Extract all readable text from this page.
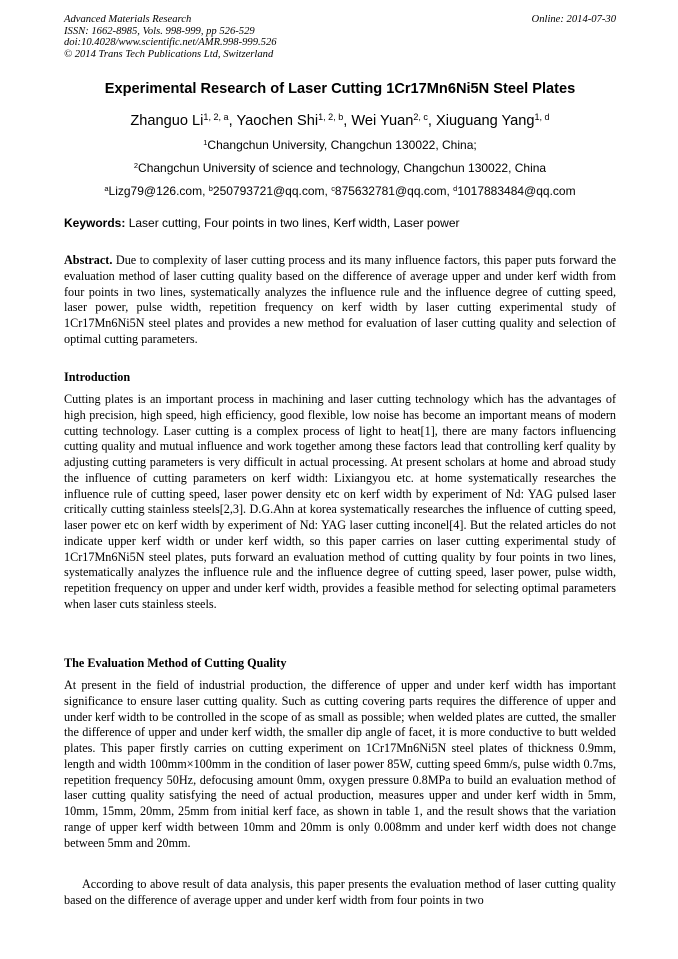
Advanced Materials Research
ISSN: 1662-8985, Vols. 998-999, pp 526-529
doi:10.4028/www.scientific.net/AMR.998-999.526
© 2014 Trans Tech Publications Ltd, Switzerland
Online: 2014-07-30
Experimental Research of Laser Cutting 1Cr17Mn6Ni5N Steel Plates
Zhanguo Li$^{1, 2, a}$, Yaochen Shi$^{1, 2, b}$, Wei Yuan$^{2, c}$, Xiuguang Yang$^{1, d}$
$^1$Changchun University, Changchun 130022, China;
$^2$Changchun University of science and technology, Changchun 130022, China
$^a$Lizg79@126.com, $^b$250793721@qq.com, $^c$875632781@qq.com, $^d$1017883484@qq.com
Keywords: Laser cutting, Four points in two lines, Kerf width, Laser power
Abstract. Due to complexity of laser cutting process and its many influence factors, this paper puts forward the evaluation method of laser cutting quality based on the difference of average upper and under kerf width from four points in two lines, systematically analyzes the influence rule and the influence degree of cutting speed, laser power, pulse width, repetition frequency on kerf width by laser cutting experimental study of 1Cr17Mn6Ni5N steel plates and provides a new method for evaluation of laser cutting quality and selection of optimal cutting parameters.
Introduction
Cutting plates is an important process in machining and laser cutting technology which has the advantages of high precision, high speed, high efficiency, good flexible, low noise has become an important means of modern cutting technology. Laser cutting is a complex process of light to heat[1], there are many factors influencing cutting quality and mutual influence and work together among these factors lead that controlling kerf quality by adjusting cutting parameters is very difficult in actual processing. At present scholars at home and abroad study the influence of cutting parameters on kerf width: Lixiangyou etc. at home systematically researches the influence rule of cutting speed, laser power density etc on kerf width by experiment of Nd: YAG pulsed laser critically cutting stainless steels[2,3]. D.G.Ahn at korea systematically researches the influence of cutting speed, laser power etc on kerf width by experiment of Nd: YAG laser cutting inconel[4]. But the related articles do not indicate upper kerf width or under kerf width, so this paper carries on laser cutting experimental study of 1Cr17Mn6Ni5N steel plates, puts forward an evaluation method of cutting quality by four points in two lines, systematically analyzes the influence rule and the influence degree of cutting speed, laser power, pulse width, repetition frequency on upper and under kerf width, provides a feasible method for selecting optimal parameters when laser cuts stainless steels.
The Evaluation Method of Cutting Quality
At present in the field of industrial production, the difference of upper and under kerf width has important significance to ensure laser cutting quality. Such as cutting covering parts requires the difference of upper and under kerf width to be controlled in the scope of as small as possible; when welded plates are cutted, the smaller the difference of upper and under kerf width, the smaller dip angle of facet, it is more conductive to butt welded plates. This paper firstly carries on cutting experiment on 1Cr17Mn6Ni5N steel plates of thickness 0.9mm, length and width 100mm×100mm in the condition of laser power 85W, cutting speed 6mm/s, pulse width 0.7ms, repetition frequency 50Hz, defocusing amount 0mm, oxygen pressure 0.8MPa to build an evaluation method of laser cutting quality satisfying the need of actual production, measures upper and under kerf width in 5mm, 10mm, 15mm, 20mm, 25mm from initial kerf face, as shown in table 1, and the result shows that the variation range of upper kerf width between 10mm and 20mm is only 0.008mm and under kerf width does not change between 5mm and 20mm.
According to above result of data analysis, this paper presents the evaluation method of laser cutting quality based on the difference of average upper and under kerf width from four points in two
